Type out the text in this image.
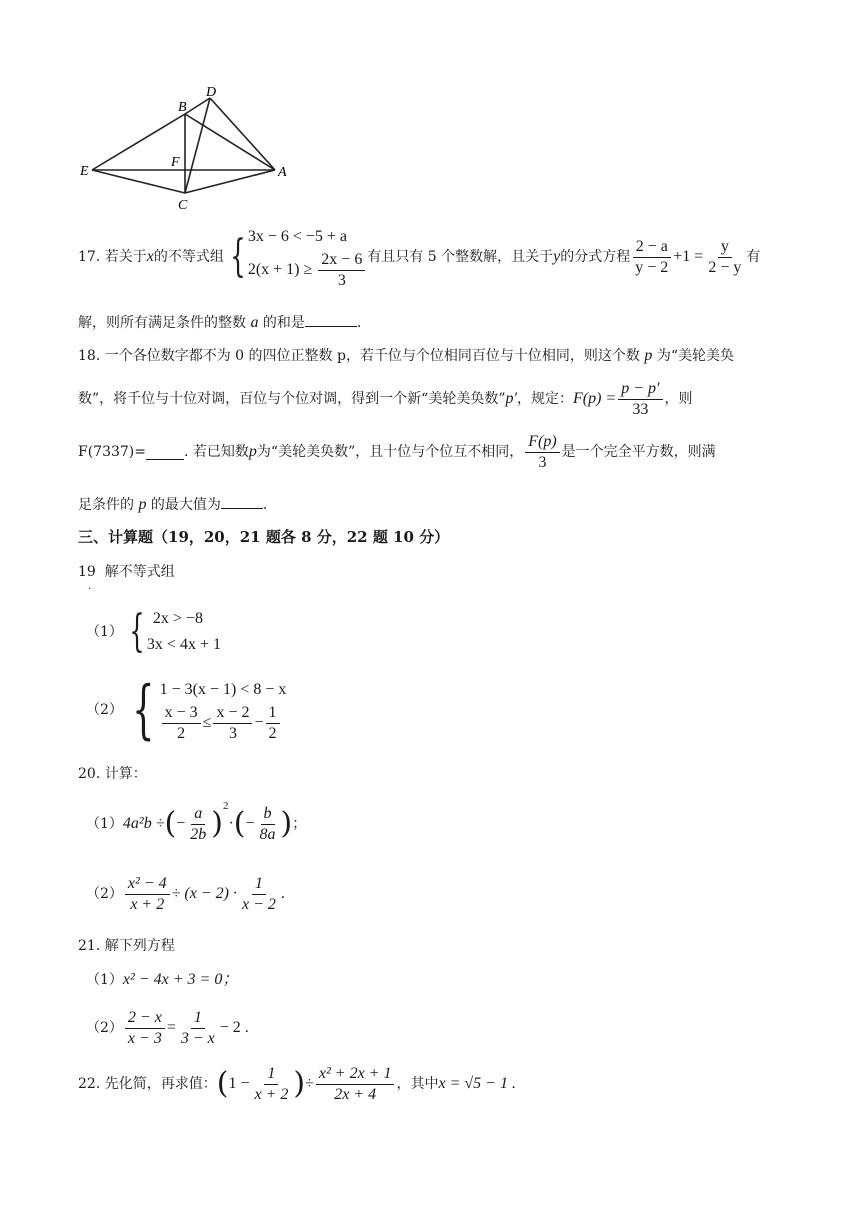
B
D
E
F
A
C
17.
若关于 x 的不等式组 { 3x − 6 < −5 + a
$2(x + 1) \ge \frac{2x - 6}{3}$ 有且只有 5 个整数解，且关于 y 的分式方程 $\frac{2 - a}{y - 2} +1 = \frac{y}{2 - y}$ 有
解，则所有满足条件的整数 a 的和是	.
18. 一个各位数字都不为 0 的四位正整数 p，若千位与个位相同百位与十位相同，则这个数 p 为“美轮美奂
数”，将千位与十位对调，百位与个位对调，得到一个新“美轮美奂数” p′ ，规定： $F(p) = \frac{p - p'}{33}$ ，则
F(7337)=	. 若已知数 p 为“美轮美奂数”，且十位与个位互不相同， $\frac{F(p)}{3}$ 是一个完全平方数，则满
足条件的 p 的最大值为	.
三、计算题（19，20，21 题各 8 分，22 题 10 分）
19 解不等式组
·
（1） { 2x > −8
3x < 4x + 1
（2） { 1 − 3(x − 1) < 8 − x
$\frac{x - 3}{2} \le \frac{x - 2}{3} - \frac{1}{2}$
20. 计算：
（1） 4a²b ÷ ( − $\frac{a}{2b} )^2$
· ( − $\frac{b}{8a}$ ) ；
$(2) \frac{\text{x² − 4}}{x + 2} \div (x - 2) \cdot \frac{1}{x - 2}$ .
21. 解下列方程
（1） x² − 4x + 3 = 0；
$(2) \frac{2 - x}{x - 3} = \frac{1}{3 - x} - 2$ .
22. 先化简，再求值： ( $1 - \frac{1}{x + 2}$ ) ÷ $\frac{\text{x² + 2x + 1}}{2x + 4}$ ，其中 x = √5 − 1 .
